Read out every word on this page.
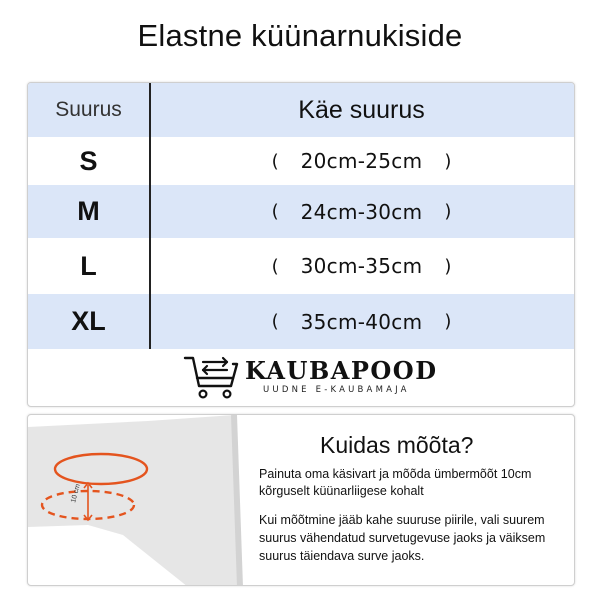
Elastne küünarnukiside
Suurus	Käe suurus
S	( 20cm-25cm )
M	( 24cm-30cm )
L	( 30cm-35cm )
XL	( 35cm-40cm )
KAUBAPOOD
UUDNE E-KAUBAMAJA
10 cm
Kuidas mõõta?
Painuta oma käsivart ja mõõda ümbermõõt 10cm kõrguselt küünarliigese kohalt
Kui mõõtmine jääb kahe suuruse piirile, vali suurem suurus vähendatud survetugevuse jaoks ja väiksem suurus täiendava surve jaoks.
